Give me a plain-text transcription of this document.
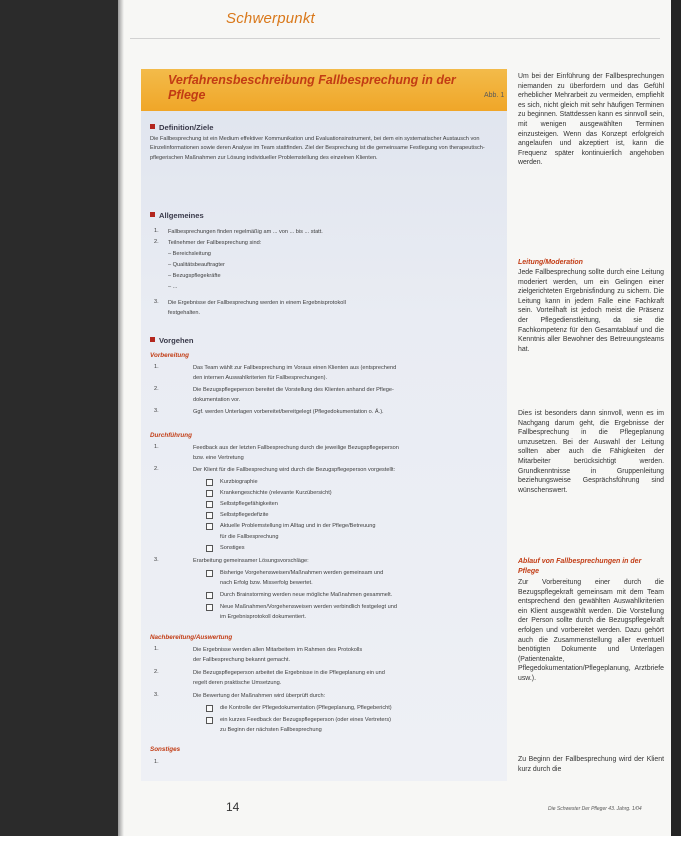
Schwerpunkt
Verfahrensbeschreibung Fallbesprechung in der Pflege	Abb. 1
Definition/Ziele

Die Fallbesprechung ist ein Medium effektiver Kommunikation und Evaluationsinstrument, bei dem ein systematischer Austausch von Einzelinformationen sowie deren Analyse im Team stattfinden. Ziel der Besprechung ist die gemeinsame Festlegung von therapeutisch-pflegerischen Maßnahmen zur Lösung individueller Problemstellung des einzelnen Klienten.

Allgemeines
1. Fallbesprechungen finden regelmäßig am ... von ... bis ... statt.
2. Teilnehmer der Fallbesprechung sind:
– Bereichsleitung
– Qualitätsbeauftragter
– Bezugspflegekräfte
– ...
3. Die Ergebnisse der Fallbesprechung werden in einem Ergebnisprotokoll
festgehalten.
Vorgehen
Vorbereitung
1.	Das Team wählt zur Fallbesprechung im Voraus einen Klienten aus (entsprechend
den internen Auswahlkriterien für Fallbesprechungen).
2.	Die Bezugspflegeperson bereitet die Vorstellung des Klienten anhand der Pflege-
dokumentation vor.
3.	Ggf. werden Unterlagen vorbereitet/bereitgelegt (Pflegedokumentation o. Ä.).
Durchführung
1.	Feedback aus der letzten Fallbesprechung durch die jeweilige Bezugspflegeperson
bzw. eine Vertretung
2.	Der Klient für die Fallbesprechung wird durch die Bezugspflegeperson vorgestellt:
Kurzbiographie
Krankengeschichte (relevante Kurzübersicht)
Selbstpflegefähigkeiten
Selbstpflegedefizite
Aktuelle Problemstellung im Alltag und in der Pflege/Betreuung
für die Fallbesprechung
Sonstiges
3.	Erarbeitung gemeinsamer Lösungsvorschläge:
Bisherige Vorgehensweisen/Maßnahmen werden gemeinsam und
nach Erfolg bzw. Misserfolg bewertet.
Durch Brainstorming werden neue mögliche Maßnahmen gesammelt.
Neue Maßnahmen/Vorgehensweisen werden verbindlich festgelegt und
im Ergebnisprotokoll dokumentiert.
Nachbereitung/Auswertung
1.	Die Ergebnisse werden allen Mitarbeitern im Rahmen des Protokolls
der Fallbesprechung bekannt gemacht.
2.	Die Bezugspflegeperson arbeitet die Ergebnisse in die Pflegeplanung ein und
regelt deren praktische Umsetzung.
3.	Die Bewertung der Maßnahmen wird überprüft durch:
die Kontrolle der Pflegedokumentation (Pflegeplanung, Pflegebericht)
ein kurzes Feedback der Bezugspflegeperson (oder eines Vertreters)
zu Beginn der nächsten Fallbesprechung
Sonstiges
1.

Um bei der Einführung der Fallbesprechungen niemanden zu überfordern und das Gefühl erheblicher Mehrarbeit zu vermeiden, empfiehlt es sich, nicht gleich mit sehr häufigen Terminen zu beginnen. Stattdessen kann es sinnvoll sein, mit wenigen ausgewählten Terminen einzusteigen. Wenn das Konzept erfolgreich angelaufen und akzeptiert ist, kann die Frequenz später kontinuierlich angehoben werden.

Leitung/Moderation

Jede Fallbesprechung sollte durch eine Leitung moderiert werden, um ein Gelingen einer zielgerichteten Ergebnisfindung zu sichern. Die Leitung kann in jedem Falle eine Fachkraft sein. Vorteilhaft ist jedoch meist die Präsenz der Pflegedienstleitung, da sie die Fachkompetenz für den Gesamtablauf und die Kenntnis aller Bewohner des Betreuungsteams hat.

Dies ist besonders dann sinnvoll, wenn es im Nachgang darum geht, die Ergebnisse der Fallbesprechung in die Pflegeplanung umzusetzen. Bei der Auswahl der Leitung sollten aber auch die Fähigkeiten der Mitarbeiter berücksichtigt werden. Grundkenntnisse in Gruppenleitung beziehungsweise Gesprächsführung sind wünschenswert.

Ablauf von Fallbesprechungen in der Pflege

Zur Vorbereitung einer durch die Bezugspflegekraft gemeinsam mit dem Team entsprechend den gewählten Auswahlkriterien ein Klient ausgewählt werden. Die Vorstellung der Person sollte durch die Bezugspflegekraft erfolgen und vorbereitet werden. Dazu gehört auch die Zusammenstellung aller eventuell benötigten Dokumente und Unterlagen (Patientenakte, Pflegedokumentation/Pflegeplanung, Arztbriefe usw.).

Zu Beginn der Fallbesprechung wird der Klient kurz durch die

14	Die Schwester Der Pfleger 43. Jahrg. 1/04
